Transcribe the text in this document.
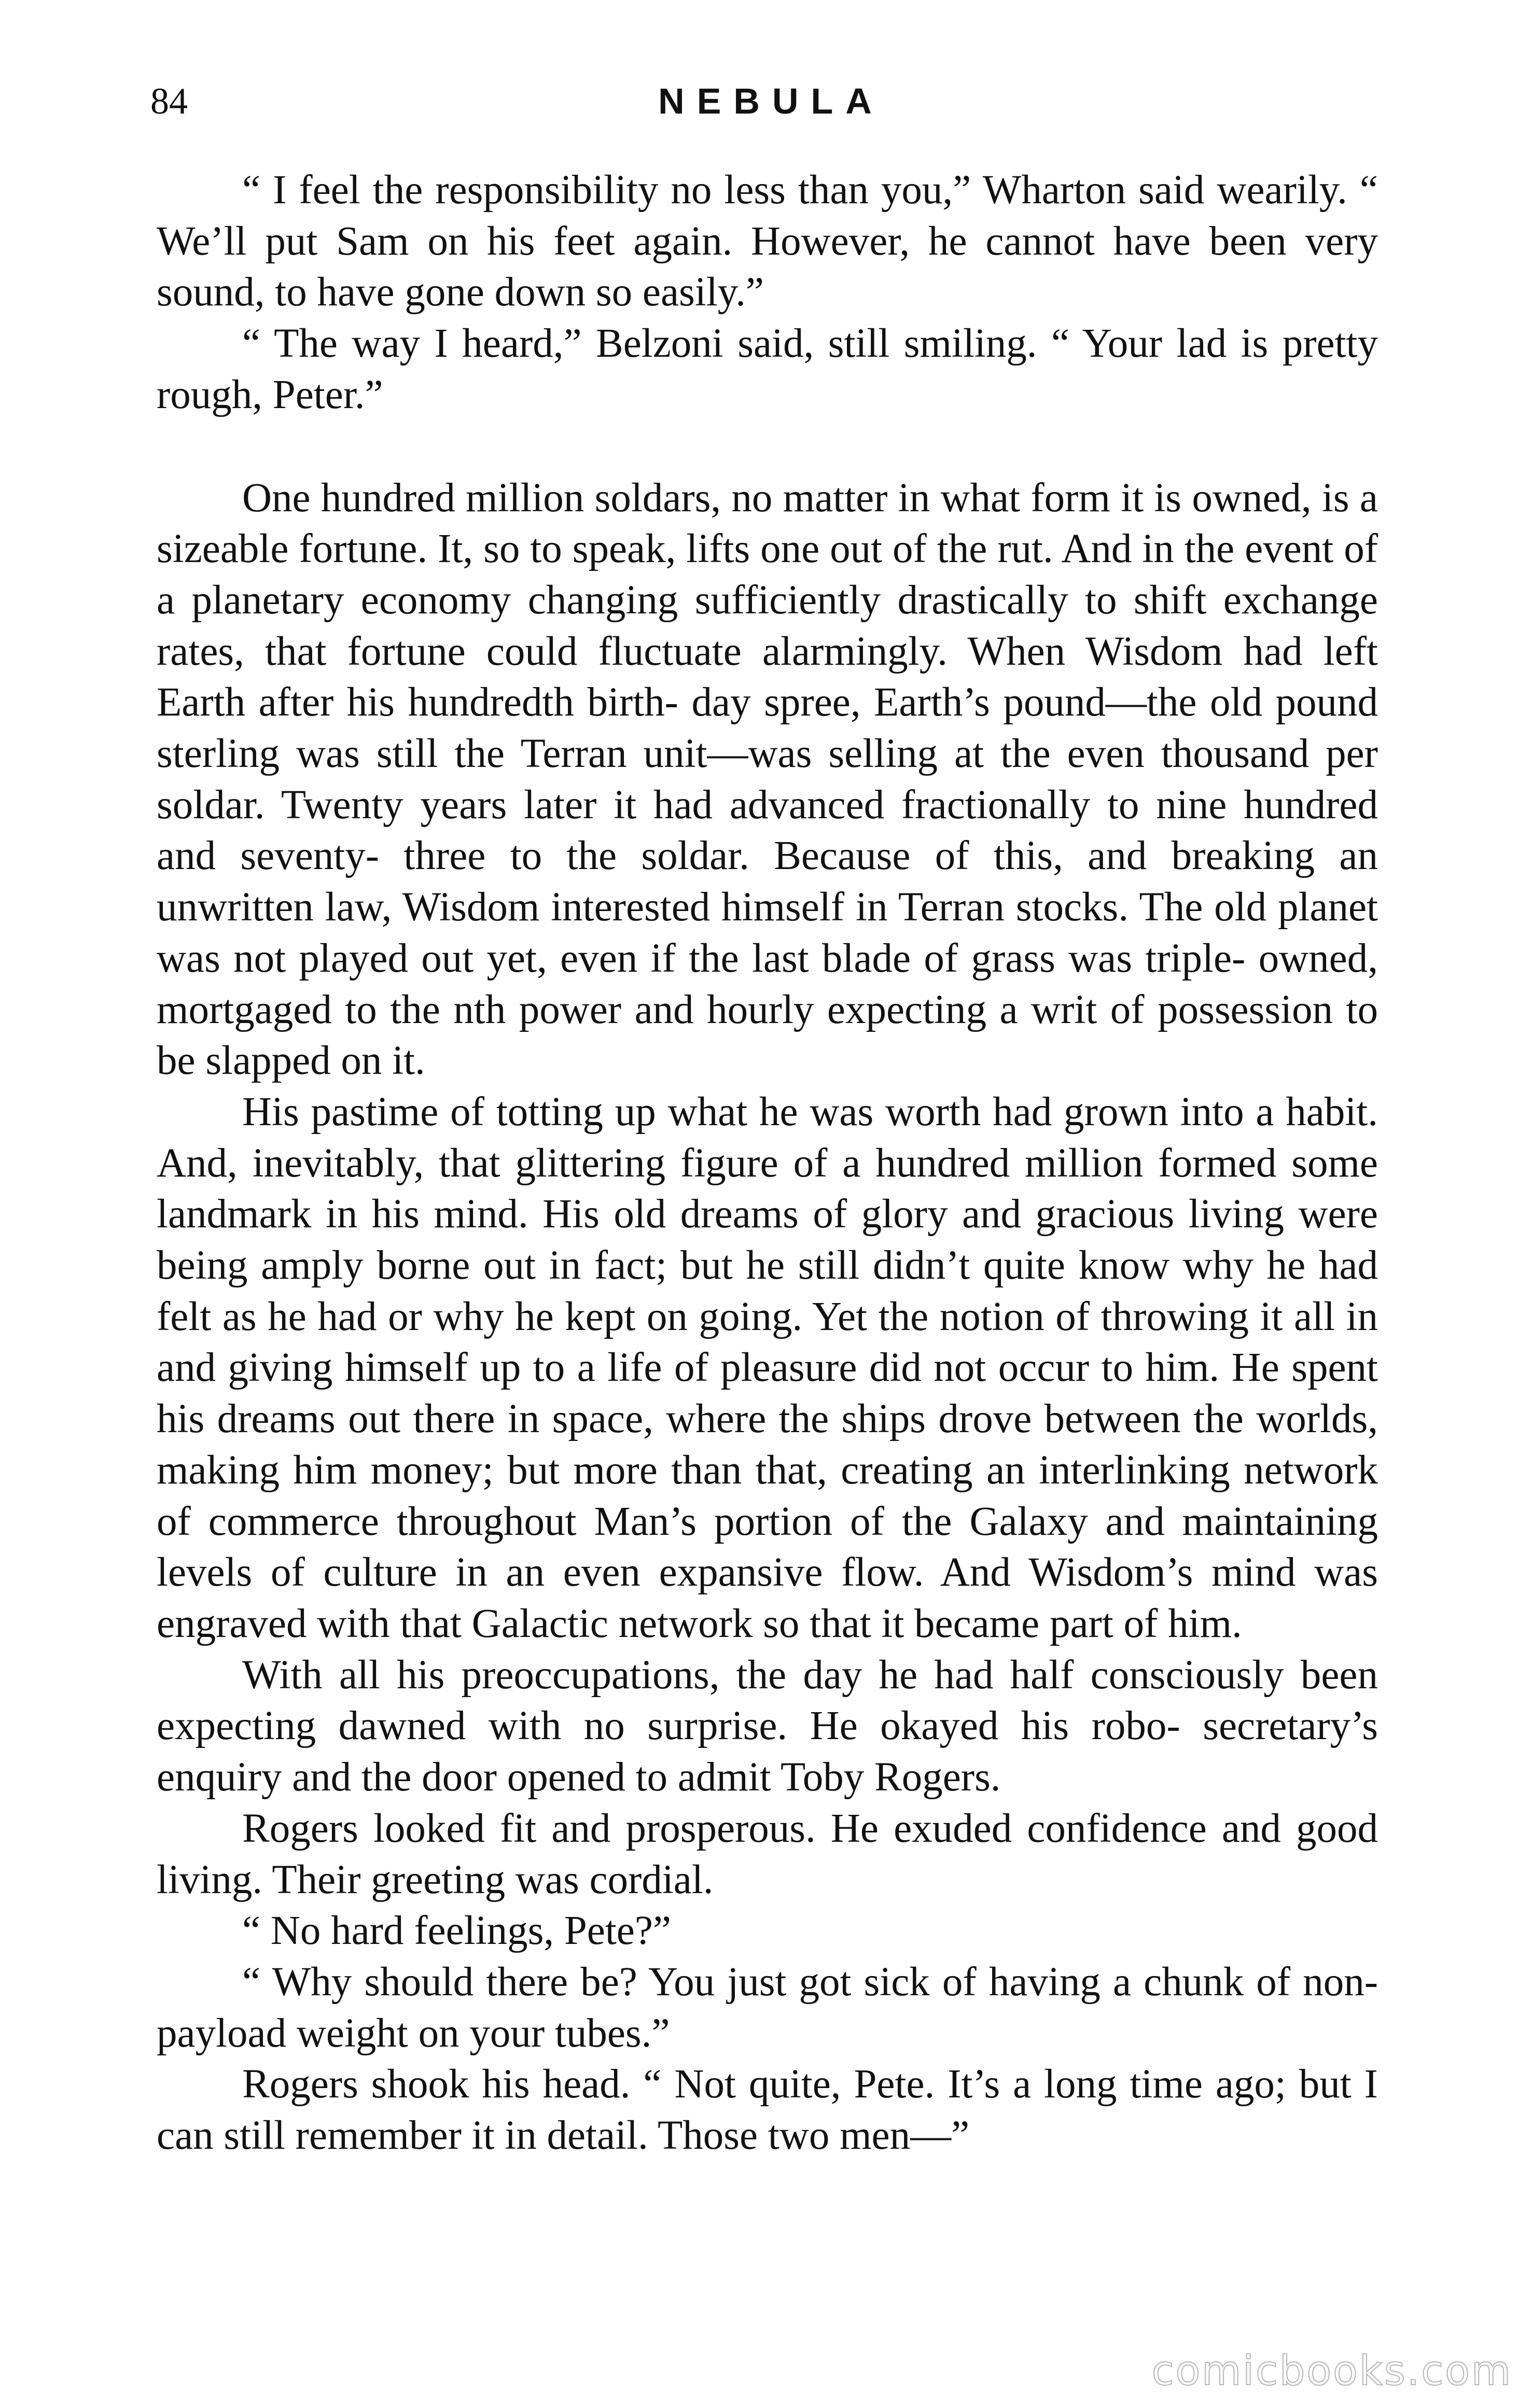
84	NEBULA

“ I feel the responsibility no less than you,” Wharton said wearily. “ We’ll put Sam on his feet again. However, he cannot have been very sound, to have gone down so easily.”

“ The way I heard,” Belzoni said, still smiling. “ Your lad is pretty rough, Peter.”

One hundred million soldars, no matter in what form it is owned, is a sizeable fortune. It, so to speak, lifts one out of the rut. And in the event of a planetary economy changing sufficiently drastically to shift exchange rates, that fortune could fluctuate alarmingly. When Wisdom had left Earth after his hundredth birth- day spree, Earth’s pound—the old pound sterling was still the Terran unit—was selling at the even thousand per soldar. Twenty years later it had advanced fractionally to nine hundred and seventy- three to the soldar. Because of this, and breaking an unwritten law, Wisdom interested himself in Terran stocks. The old planet was not played out yet, even if the last blade of grass was triple- owned, mortgaged to the nth power and hourly expecting a writ of possession to be slapped on it.

His pastime of totting up what he was worth had grown into a habit. And, inevitably, that glittering figure of a hundred million formed some landmark in his mind. His old dreams of glory and gracious living were being amply borne out in fact; but he still didn’t quite know why he had felt as he had or why he kept on going. Yet the notion of throwing it all in and giving himself up to a life of pleasure did not occur to him. He spent his dreams out there in space, where the ships drove between the worlds, making him money; but more than that, creating an interlinking network of commerce throughout Man’s portion of the Galaxy and maintaining levels of culture in an even expansive flow. And Wisdom’s mind was engraved with that Galactic network so that it became part of him.

With all his preoccupations, the day he had half consciously been expecting dawned with no surprise. He okayed his robo- secretary’s enquiry and the door opened to admit Toby Rogers.

Rogers looked fit and prosperous. He exuded confidence and good living. Their greeting was cordial.

“ No hard feelings, Pete?”

“ Why should there be? You just got sick of having a chunk of non-payload weight on your tubes.”

Rogers shook his head. “ Not quite, Pete. It’s a long time ago; but I can still remember it in detail. Those two men—”

comicbooks.com
